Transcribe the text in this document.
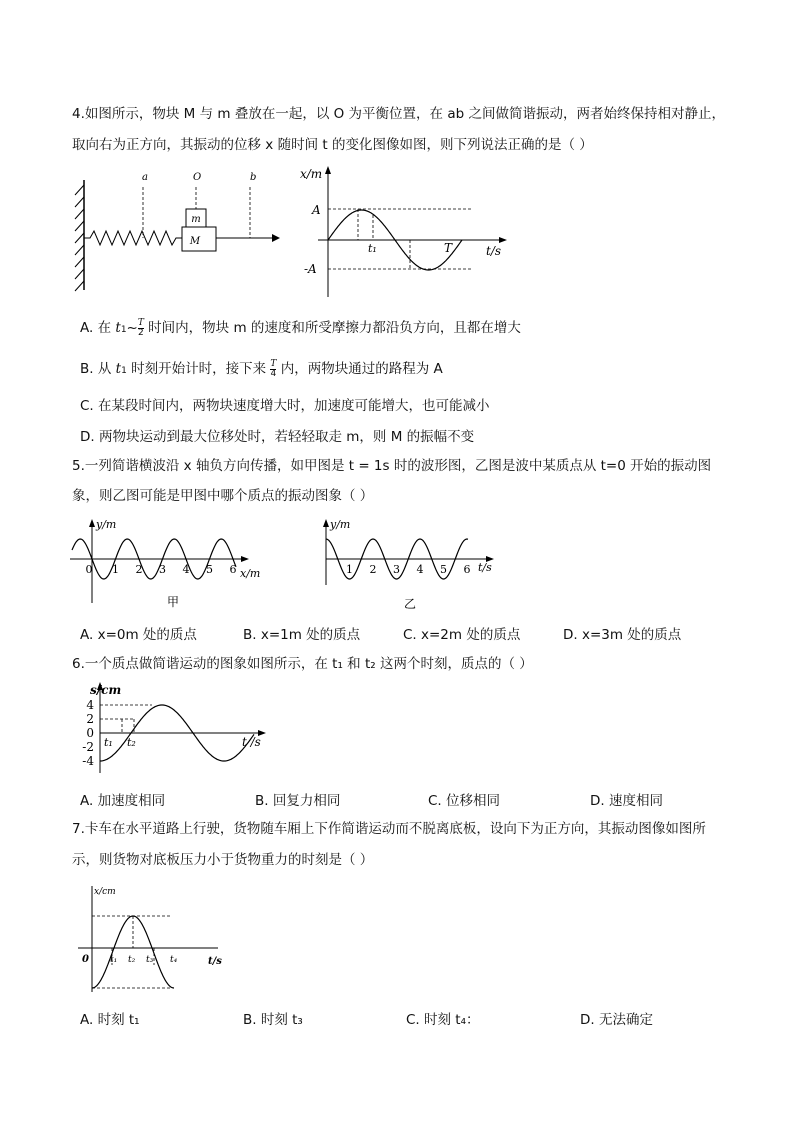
4.如图所示，物块 M 与 m 叠放在一起，以 O 为平衡位置，在 ab 之间做简谐振动，两者始终保持相对静止，
取向右为正方向，其振动的位移 x 随时间 t 的变化图像如图，则下列说法正确的是（ ）
M
m
a	O	b	x/m
A
-A
t₁	T	t/s
A. 在 $t1\sim\frac{T}{2}$ 时间内，物块 m 的速度和所受摩擦力都沿负方向，且都在增大
B. 从 t1 时刻开始计时，接下来 $\frac{T}{4}$ 内，两物块通过的路程为 A
C. 在某段时间内，两物块速度增大时，加速度可能增大，也可能减小
D. 两物块运动到最大位移处时，若轻轻取走 m，则 M 的振幅不变
5.一列简谐横波沿 x 轴负方向传播，如甲图是 t = 1s 时的波形图，乙图是波中某质点从 t=0 开始的振动图
象，则乙图可能是甲图中哪个质点的振动图象（ ）
y/m
x/m
0 1 2 3 4 5 6
甲
y/m
t/s
1 2 3 4 5 6
乙
A. x=0m 处的质点	B. x=1m 处的质点	C. x=2m 处的质点	D. x=3m 处的质点
6.一个质点做简谐运动的图象如图所示，在 t₁ 和 t₂ 这两个时刻，质点的（ ）
s/cm
4
2
0
-2
-4
t₁ t₂	t /s
A. 加速度相同	B. 回复力相同	C. 位移相同	D. 速度相同
7.卡车在水平道路上行驶，货物随车厢上下作简谐运动而不脱离底板，设向下为正方向，其振动图像如图所
示，则货物对底板压力小于货物重力的时刻是（ ）
x/cm
0 t₁ t₂ t₃ t₄	t/s
A. 时刻 t₁	B. 时刻 t₃	C. 时刻 t₄：	D. 无法确定
